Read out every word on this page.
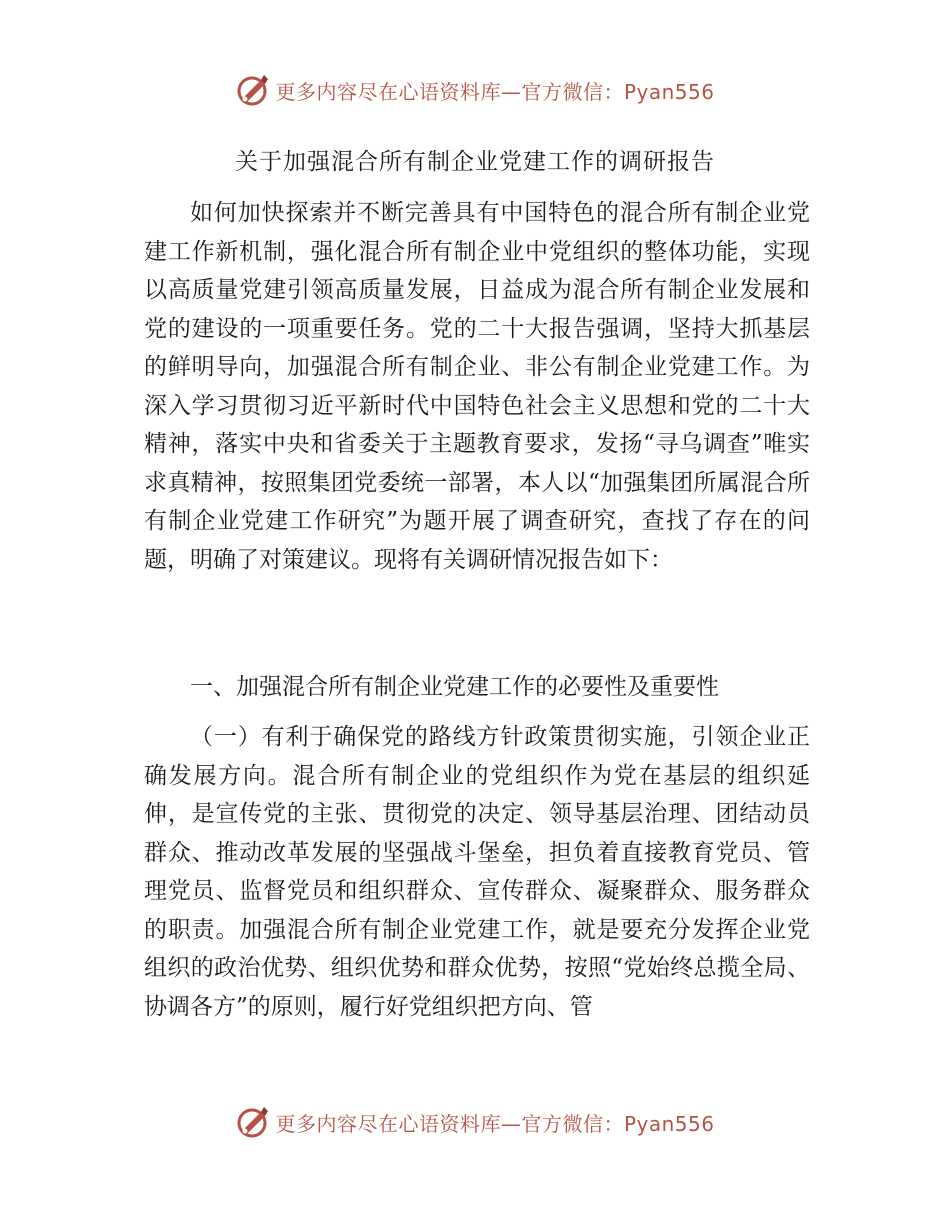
更多内容尽在心语资料库—官方微信：Pyan556
关于加强混合所有制企业党建工作的调研报告

如何加快探索并不断完善具有中国特色的混合所有制企业党建工作新机制，强化混合所有制企业中党组织的整体功能，实现以高质量党建引领高质量发展，日益成为混合所有制企业发展和党的建设的一项重要任务。党的二十大报告强调，坚持大抓基层的鲜明导向，加强混合所有制企业、非公有制企业党建工作。为深入学习贯彻习近平新时代中国特色社会主义思想和党的二十大精神，落实中央和省委关于主题教育要求，发扬“寻乌调查”唯实求真精神，按照集团党委统一部署，本人以“加强集团所属混合所有制企业党建工作研究”为题开展了调查研究，查找了存在的问题，明确了对策建议。现将有关调研情况报告如下：

一、加强混合所有制企业党建工作的必要性及重要性

（一）有利于确保党的路线方针政策贯彻实施，引领企业正确发展方向。混合所有制企业的党组织作为党在基层的组织延伸，是宣传党的主张、贯彻党的决定、领导基层治理、团结动员群众、推动改革发展的坚强战斗堡垒，担负着直接教育党员、管理党员、监督党员和组织群众、宣传群众、凝聚群众、服务群众的职责。加强混合所有制企业党建工作，就是要充分发挥企业党组织的政治优势、组织优势和群众优势，按照“党始终总揽全局、协调各方”的原则，履行好党组织把方向、管

更多内容尽在心语资料库—官方微信：Pyan556
